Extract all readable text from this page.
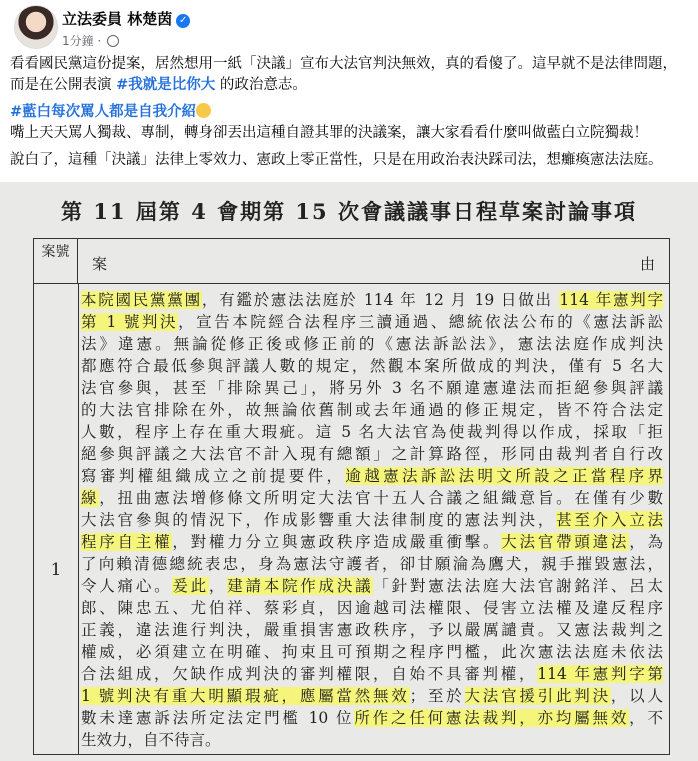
立法委員 林楚茵 ✓
1分鐘 ·

看看國民黨這份提案，居然想用一紙「決議」宣布大法官判決無效，真的看傻了。這早就不是法律問題，而是在公開表演 #我就是比你大 的政治意志。

#藍白每次罵人都是自我介紹
嘴上天天罵人獨裁、專制，轉身卻丟出這種自證其罪的決議案，讓大家看看什麼叫做藍白立院獨裁！

說白了，這種「決議」法律上零效力、憲政上零正當性，只是在用政治表決踩司法，想癱瘓憲法法庭。

第 11 屆第 4 會期第 15 次會議議事日程草案討論事項
案號
案	由
1
本院國民黨黨團，有鑑於憲法法庭於 114 年 12 月 19 日做出 114 年憲判字
第 1 號判決，宣告本院經合法程序三讀通過、總統依法公布的《憲法訴訟
法》違憲。無論從修正後或修正前的《憲法訴訟法》，憲法法庭作成判決
都應符合最低參與評議人數的規定，然觀本案所做成的判決，僅有 5 名大
法官參與，甚至「排除異己」，將另外 3 名不願違憲違法而拒絕參與評議
的大法官排除在外，故無論依舊制或去年通過的修正規定，皆不符合法定
人數，程序上存在重大瑕疵。這 5 名大法官為使裁判得以作成，採取「拒
絕參與評議之大法官不計入現有總額」之計算路徑，形同由裁判者自行改
寫審判權組織成立之前提要件，逾越憲法訴訟法明文所設之正當程序界
線，扭曲憲法增修條文所明定大法官十五人合議之組織意旨。在僅有少數
大法官參與的情況下，作成影響重大法律制度的憲法判決，甚至介入立法
程序自主權，對權力分立與憲政秩序造成嚴重衝擊。大法官帶頭違法，為
了向賴清德總統表忠，身為憲法守護者，卻甘願淪為鷹犬，親手摧毀憲法，
令人痛心。爰此，建請本院作成決議「針對憲法法庭大法官謝銘洋、呂太
郎、陳忠五、尤伯祥、蔡彩貞，因逾越司法權限、侵害立法權及違反程序
正義，違法進行判決，嚴重損害憲政秩序，予以嚴厲譴責。又憲法裁判之
權威，必須建立在明確、拘束且可預期之程序門檻，此次憲法法庭未依法
合法組成，欠缺作成判決的審判權限，自始不具審判權，114 年憲判字第
1 號判決有重大明顯瑕疵，應屬當然無效；至於大法官援引此判決，以人
數未達憲訴法所定法定門檻 10 位所作之任何憲法裁判，亦均屬無效，不
生效力，自不待言。
